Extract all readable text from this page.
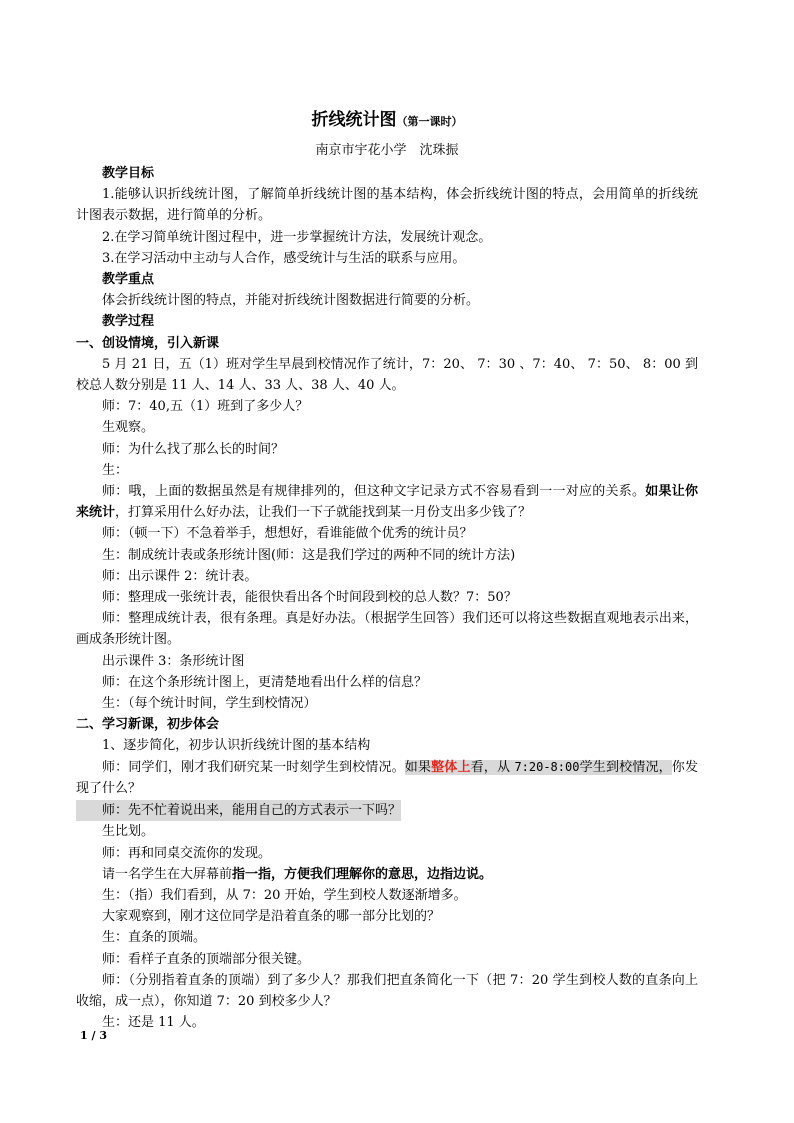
折线统计图（第一课时）

南京市宇花小学　沈珠振

教学目标

1.能够认识折线统计图，了解简单折线统计图的基本结构，体会折线统计图的特点，会用简单的折线统计图表示数据，进行简单的分析。

2.在学习简单统计图过程中，进一步掌握统计方法，发展统计观念。

3.在学习活动中主动与人合作，感受统计与生活的联系与应用。

教学重点

体会折线统计图的特点，并能对折线统计图数据进行简要的分析。

教学过程

一、创设情境，引入新课

5 月 21 日，五（1）班对学生早晨到校情况作了统计，7：20、 7：30 、7：40、 7：50、 8：00 到校总人数分别是 11 人、14 人、33 人、38 人、40 人。

师：7：40,五（1）班到了多少人？

生观察。

师：为什么找了那么长的时间？

生：

师：哦，上面的数据虽然是有规律排列的，但这种文字记录方式不容易看到一一对应的关系。如果让你来统计，打算采用什么好办法，让我们一下子就能找到某一月份支出多少钱了？

师：（顿一下）不急着举手，想想好，看谁能做个优秀的统计员？

生：制成统计表或条形统计图(师：这是我们学过的两种不同的统计方法)

师：出示课件 2：统计表。

师：整理成一张统计表，能很快看出各个时间段到校的总人数？7：50？

师：整理成统计表，很有条理。真是好办法。（根据学生回答）我们还可以将这些数据直观地表示出来，画成条形统计图。

出示课件 3：条形统计图

师：在这个条形统计图上，更清楚地看出什么样的信息？

生：（每个统计时间，学生到校情况）

二、学习新课，初步体会

1、逐步简化，初步认识折线统计图的基本结构

师：同学们，刚才我们研究某一时刻学生到校情况。如果整体上看，从 7:20-8:00学生到校情况，你发现了什么？

师：先不忙着说出来，能用自己的方式表示一下吗？

生比划。

师：再和同桌交流你的发现。

请一名学生在大屏幕前指一指，方便我们理解你的意思，边指边说。

生：（指）我们看到，从 7：20 开始，学生到校人数逐渐增多。

大家观察到，刚才这位同学是沿着直条的哪一部分比划的？

生：直条的顶端。

师：看样子直条的顶端部分很关键。

师：（分别指着直条的顶端）到了多少人？那我们把直条简化一下（把 7：20 学生到校人数的直条向上收缩，成一点），你知道 7：20 到校多少人？

生：还是 11 人。

1 / 3
